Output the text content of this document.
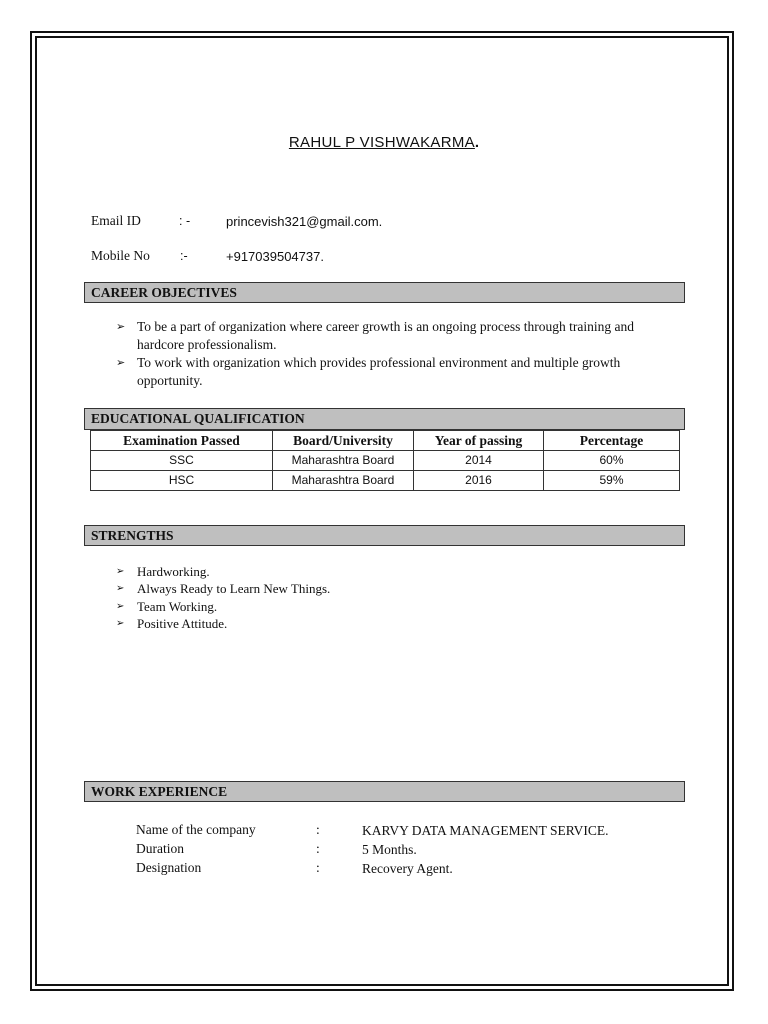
RAHUL P VISHWAKARMA.
Email ID	: -	princevish321@gmail.com.
Mobile No :-	+917039504737.
CAREER OBJECTIVES
➢ To be a part of organization where career growth is an ongoing process through training and hardcore professionalism.
➢ To work with organization which provides professional environment and multiple growth opportunity.
EDUCATIONAL QUALIFICATION
Examination Passed	Board/University	Year of passing	Percentage
SSC	Maharashtra Board	2014	60%
HSC	Maharashtra Board	2016	59%
STRENGTHS
➢ Hardworking.
➢ Always Ready to Learn New Things.
➢ Team Working.
➢ Positive Attitude.
WORK EXPERIENCE
Name of the company	:	KARVY DATA MANAGEMENT SERVICE.
Duration	:	5 Months.
Designation	:	Recovery Agent.
